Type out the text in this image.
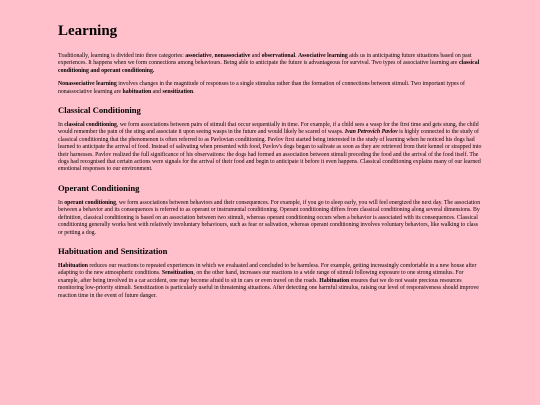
Learning

Traditionally, learning is divided into three categories: associative, nonassociative and observational. Associative learning aids us in anticipating future situations based on past experiences. It happens when we form connections among behaviours. Being able to anticipate the future is advantageous for survival. Two types of associative learning are classical conditioning and operant conditioning.

Nonassociative learning involves changes in the magnitude of responses to a single stimulus rather than the formation of connections between stimuli. Two important types of nonassociative learning are habituation and sensitization.

Classical Conditioning

In classical conditioning, we form associations between pairs of stimuli that occur sequentially in time. For example, if a child sees a wasp for the first time and gets stung, the child would remember the pain of the sting and associate it upon seeing wasps in the future and would likely be scared of wasps. Ivan Petrovich Pavlov is highly connected to the study of classical conditioning that the phenomenon is often referred to as Pavlovian conditioning. Pavlov first started being interested in the study of learning when he noticed his dogs had learned to anticipate the arrival of food. Instead of salivating when presented with food, Pavlov's dogs began to salivate as soon as they are retrieved from their kennel or strapped into their harnesses. Pavlov realized the full significance of his observations: the dogs had formed an association between stimuli preceding the food and the arrival of the food itself. The dogs had recognised that certain actions were signals for the arrival of their food and begin to anticipate it before it even happens. Classical conditioning explains many of our learned emotional responses to our environment.

Operant Conditioning

In operant conditioning, we form associations between behaviors and their consequences. For example, if you go to sleep early, you will feel energized the next day. The association between a behavior and its consequences is referred to as operant or instrumental conditioning. Operant conditioning differs from classical conditioning along several dimensions. By definition, classical conditioning is based on an association between two stimuli, whereas operant conditioning occurs when a behavior is associated with its consequences. Classical conditioning generally works best with relatively involuntary behaviours, such as fear or salivation, whereas operant conditioning involves voluntary behaviors, like walking to class or petting a dog.

Habituation and Sensitization

Habituation reduces our reactions to repeated experiences in which we evaluated and concluded to be harmless. For example, getting increasingly comfortable in a new house after adapting to the new atmospheric conditions. Sensitization, on the other hand, increases our reactions to a wide range of stimuli following exposure to one strong stimulus. For example, after being involved in a car accident, one may become afraid to sit in cars or even travel on the roads. Habituation ensures that we do not waste precious resources monitoring low-priority stimuli. Sensitization is particularly useful in threatening situations. After detecting one harmful stimulus, raising our level of responsiveness should improve reaction time in the event of future danger.
